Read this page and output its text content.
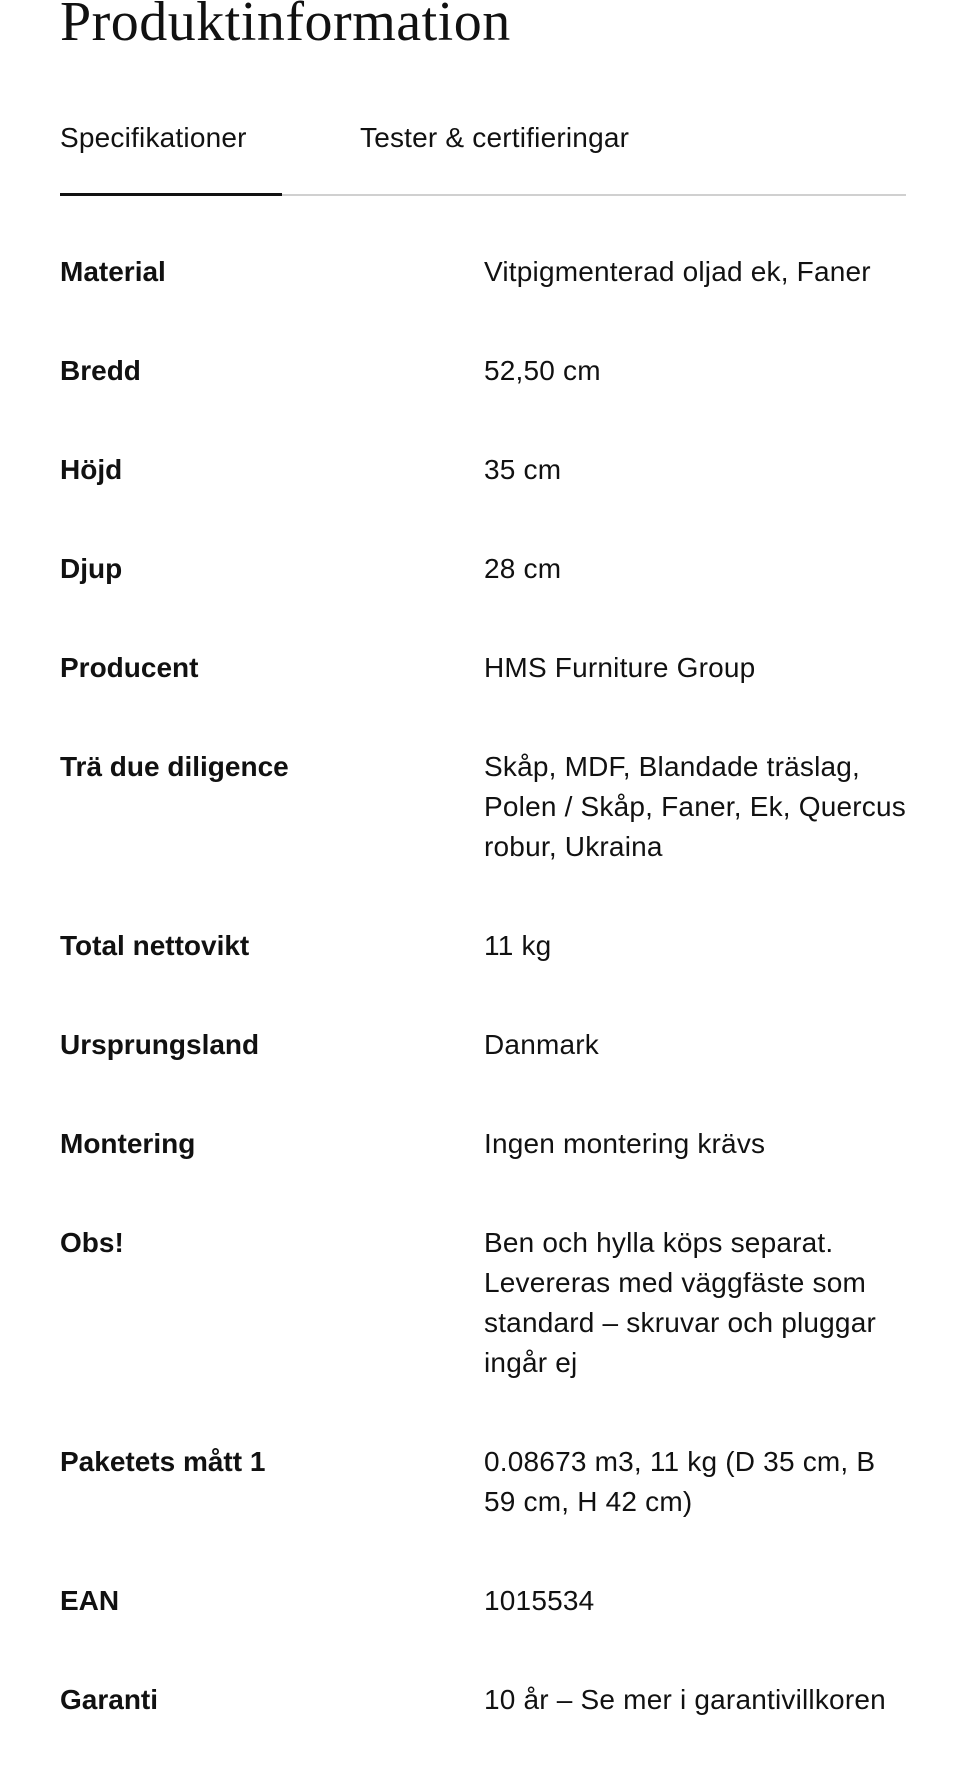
Produktinformation
Specifikationer	Tester & certifieringar
Material	Vitpigmenterad oljad ek, Faner
Bredd	52,50 cm
Höjd	35 cm
Djup	28 cm
Producent	HMS Furniture Group
Trä due diligence	Skåp, MDF, Blandade träslag, Polen / Skåp, Faner, Ek, Quercus robur, Ukraina
Total nettovikt	11 kg
Ursprungsland	Danmark
Montering	Ingen montering krävs
Obs!	Ben och hylla köps separat. Levereras med väggfäste som standard – skruvar och pluggar ingår ej
Paketets mått 1	0.08673 m3, 11 kg (D 35 cm, B 59 cm, H 42 cm)
EAN	1015534
Garanti	10 år – Se mer i garantivillkoren
